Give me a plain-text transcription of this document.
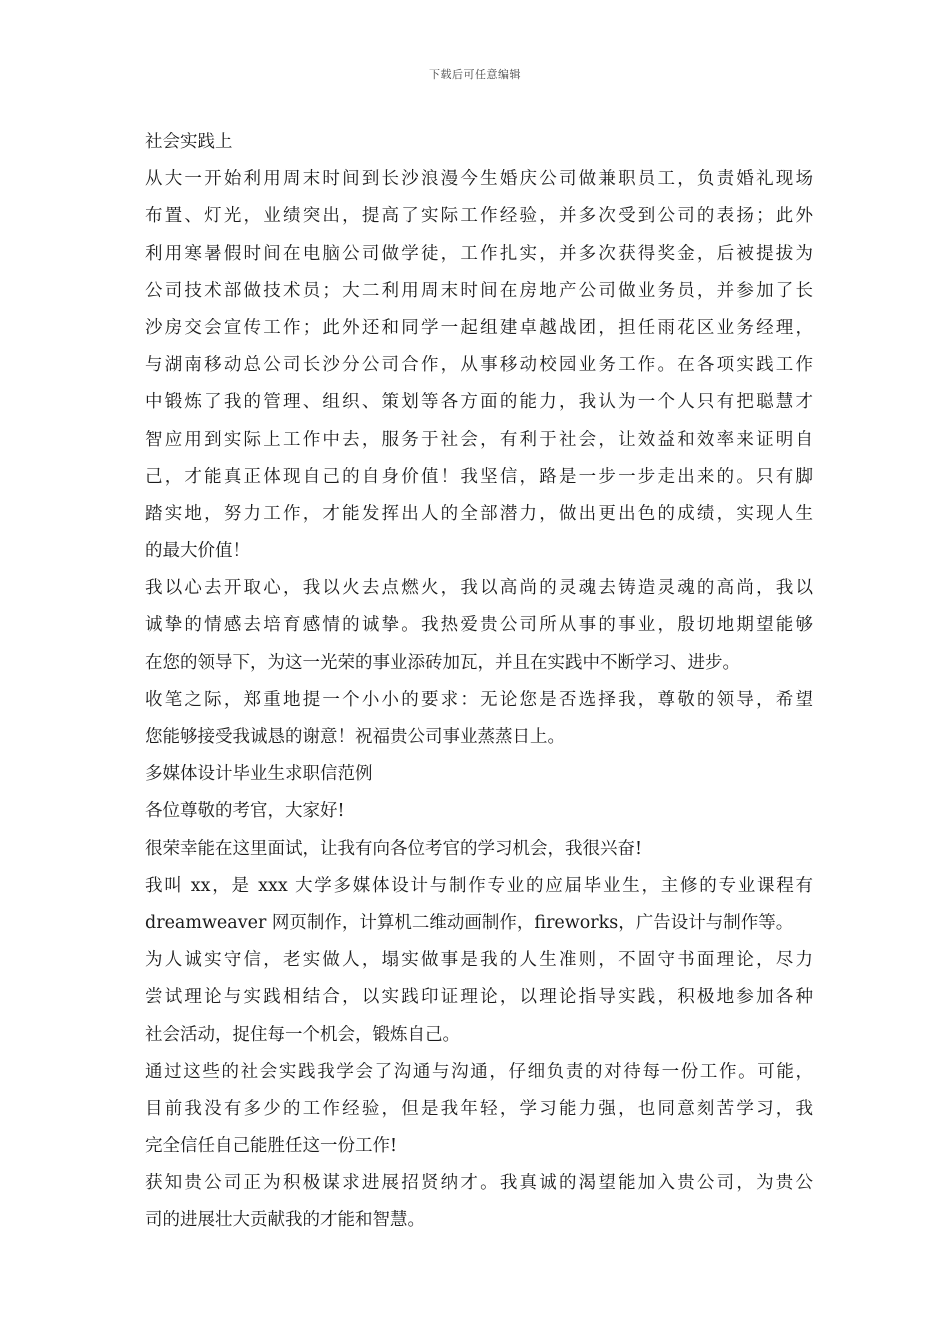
下载后可任意编辑
社会实践上
从大一开始利用周末时间到长沙浪漫今生婚庆公司做兼职员工，负责婚礼现场
布置、灯光，业绩突出，提高了实际工作经验，并多次受到公司的表扬；此外
利用寒暑假时间在电脑公司做学徒，工作扎实，并多次获得奖金，后被提拔为
公司技术部做技术员；大二利用周末时间在房地产公司做业务员，并参加了长
沙房交会宣传工作；此外还和同学一起组建卓越战团，担任雨花区业务经理，
与湖南移动总公司长沙分公司合作，从事移动校园业务工作。在各项实践工作
中锻炼了我的管理、组织、策划等各方面的能力，我认为一个人只有把聪慧才
智应用到实际上工作中去，服务于社会，有利于社会，让效益和效率来证明自
己，才能真正体现自己的自身价值！我坚信，路是一步一步走出来的。只有脚
踏实地，努力工作，才能发挥出人的全部潜力，做出更出色的成绩，实现人生
的最大价值！
我以心去开取心，我以火去点燃火，我以高尚的灵魂去铸造灵魂的高尚，我以
诚挚的情感去培育感情的诚挚。我热爱贵公司所从事的事业，殷切地期望能够
在您的领导下，为这一光荣的事业添砖加瓦，并且在实践中不断学习、进步。
收笔之际，郑重地提一个小小的要求：无论您是否选择我，尊敬的领导，希望
您能够接受我诚恳的谢意！祝福贵公司事业蒸蒸日上。
多媒体设计毕业生求职信范例
各位尊敬的考官，大家好!
很荣幸能在这里面试，让我有向各位考官的学习机会，我很兴奋!
我叫 xx，是 xxx 大学多媒体设计与制作专业的应届毕业生，主修的专业课程有
dreamweaver 网页制作，计算机二维动画制作，fireworks，广告设计与制作等。
为人诚实守信，老实做人，塌实做事是我的人生准则，不固守书面理论，尽力
尝试理论与实践相结合，以实践印证理论，以理论指导实践，积极地参加各种
社会活动，捉住每一个机会，锻炼自己。
通过这些的社会实践我学会了沟通与沟通，仔细负责的对待每一份工作。可能，
目前我没有多少的工作经验，但是我年轻，学习能力强，也同意刻苦学习，我
完全信任自己能胜任这一份工作!
获知贵公司正为积极谋求进展招贤纳才。我真诚的渴望能加入贵公司，为贵公
司的进展壮大贡献我的才能和智慧。
